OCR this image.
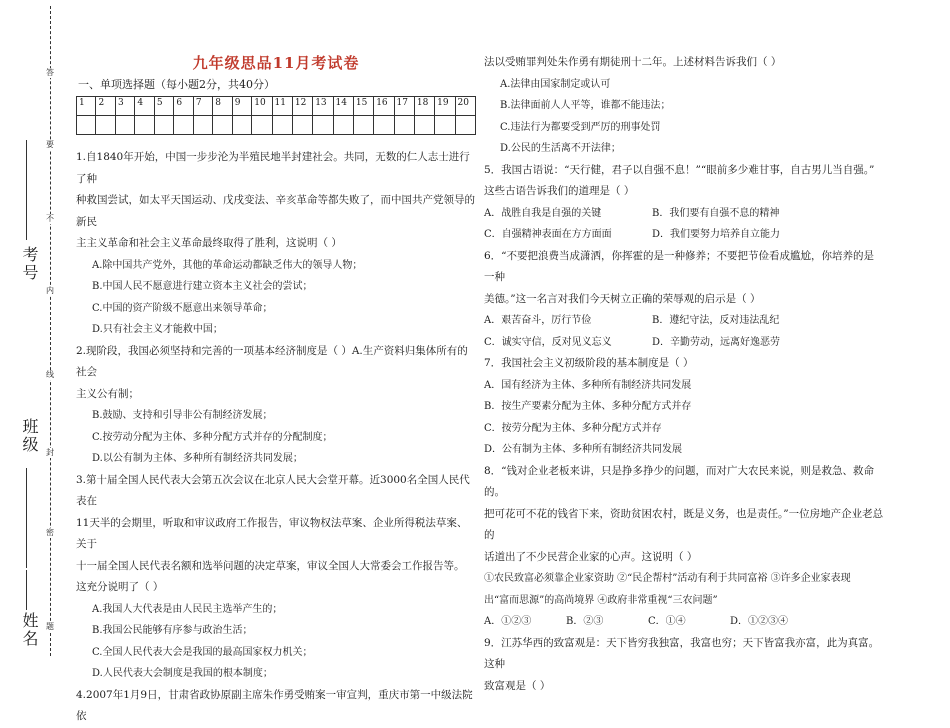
答
要
不
内
线
封
密
题
考号
班级
姓名
九年级思品11月考试卷
一、单项选择题（每小题2分，共40分）
1	2	3	4	5	6	7	8	9	10	11	12	13	14	15	16	17	18	19	20

1.自1840年开始，中国一步步沦为半殖民地半封建社会。共同，无数的仁人志士进行了种

种救国尝试，如太平天国运动、戊戌变法、辛亥革命等都失败了，而中国共产党领导的新民

主主义革命和社会主义革命最终取得了胜利，这说明（ ）

A.除中国共产党外，其他的革命运动都缺乏伟大的领导人物；

B.中国人民不愿意进行建立资本主义社会的尝试；

C.中国的资产阶级不愿意出来领导革命；

D.只有社会主义才能救中国；

2.现阶段，我国必须坚持和完善的一项基本经济制度是（ ）A.生产资料归集体所有的社会

主义公有制；

B.鼓励、支持和引导非公有制经济发展；

C.按劳动分配为主体、多种分配方式并存的分配制度；

D.以公有制为主体、多种所有制经济共同发展；

3.第十届全国人民代表大会第五次会议在北京人民大会堂开幕。近3000名全国人民代表在

11天半的会期里，听取和审议政府工作报告，审议物权法草案、企业所得税法草案、关于

十一届全国人民代表名额和选举问题的决定草案，审议全国人大常委会工作报告等。

这充分说明了（ ）

A.我国人大代表是由人民民主选举产生的；

B.我国公民能够有序参与政治生活；

C.全国人民代表大会是我国的最高国家权力机关；

D.人民代表大会制度是我国的根本制度；

4.2007年1月9日，甘肃省政协原副主席朱作勇受贿案一审宣判，重庆市第一中级法院依

法以受贿罪判处朱作勇有期徒刑十二年。上述材料告诉我们（ ）

A.法律由国家制定或认可

B.法律面前人人平等，谁都不能违法；

C.违法行为都要受到严厉的刑事处罚

D.公民的生活离不开法律；

5．我国古语说：“天行健，君子以自强不息！”“眼前多少难甘事，自古男儿当自强。”

这些古语告诉我们的道理是（ ）

A．战胜自我是自强的关键	B．我们要有自强不息的精神

C．自强精神表面在方方面面	D．我们要努力培养自立能力

6．“不要把浪费当成潇洒，你挥霍的是一种修养；不要把节俭看成尴尬，你培养的是一种

美德。”这一名言对我们今天树立正确的荣辱观的启示是（ ）

A．艰苦奋斗，厉行节俭	B．遵纪守法，反对违法乱纪

C．诚实守信，反对见义忘义	D．辛勤劳动，远离好逸恶劳

7．我国社会主义初级阶段的基本制度是（ ）

A．国有经济为主体、多种所有制经济共同发展

B．按生产要素分配为主体、多种分配方式并存

C．按劳分配为主体、多种分配方式并存

D．公有制为主体、多种所有制经济共同发展

8．“钱对企业老板来讲，只是挣多挣少的问题，而对广大农民来说，则是救急、救命的。

把可花可不花的钱省下来，资助贫困农村，既是义务，也是责任。”一位房地产企业老总的

话道出了不少民营企业家的心声。这说明（ ）

①农民致富必须靠企业家资助 ②“民企帮村”活动有利于共同富裕 ③许多企业家表现

出“富而思源”的高尚境界 ④政府非常重视“三农问题”

A．①②③	B．②③	C．①④	D．①②③④

9．江苏华西的致富观是：天下皆穷我独富，我富也穷；天下皆富我亦富，此为真富。这种

致富观是（ ）
